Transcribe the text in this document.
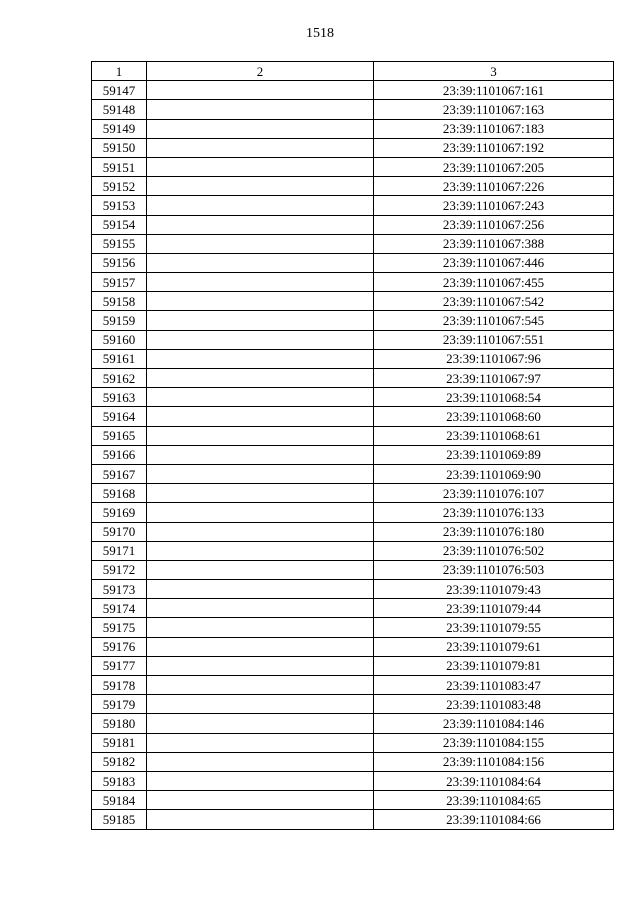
1518
1	2	3
59147		23:39:1101067:161
59148		23:39:1101067:163
59149		23:39:1101067:183
59150		23:39:1101067:192
59151		23:39:1101067:205
59152		23:39:1101067:226
59153		23:39:1101067:243
59154		23:39:1101067:256
59155		23:39:1101067:388
59156		23:39:1101067:446
59157		23:39:1101067:455
59158		23:39:1101067:542
59159		23:39:1101067:545
59160		23:39:1101067:551
59161		23:39:1101067:96
59162		23:39:1101067:97
59163		23:39:1101068:54
59164		23:39:1101068:60
59165		23:39:1101068:61
59166		23:39:1101069:89
59167		23:39:1101069:90
59168		23:39:1101076:107
59169		23:39:1101076:133
59170		23:39:1101076:180
59171		23:39:1101076:502
59172		23:39:1101076:503
59173		23:39:1101079:43
59174		23:39:1101079:44
59175		23:39:1101079:55
59176		23:39:1101079:61
59177		23:39:1101079:81
59178		23:39:1101083:47
59179		23:39:1101083:48
59180		23:39:1101084:146
59181		23:39:1101084:155
59182		23:39:1101084:156
59183		23:39:1101084:64
59184		23:39:1101084:65
59185		23:39:1101084:66
